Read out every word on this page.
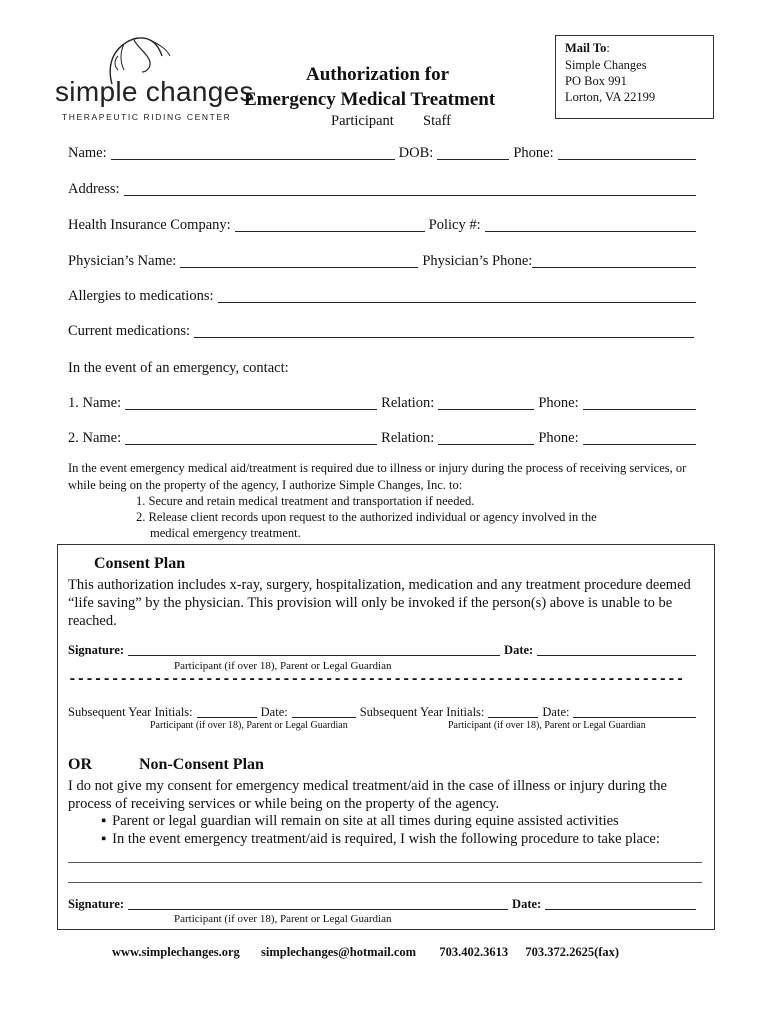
simple changes
THERAPEUTIC RIDING CENTER
Authorization for
Emergency Medical Treatment
Participant Staff
Mail To:
Simple Changes
PO Box 991
Lorton, VA 22199
Name:	DOB:	Phone:
Address:
Health Insurance Company:	Policy #:
Physician’s Name:	Physician’s Phone:
Allergies to medications:
Current medications:
In the event of an emergency, contact:
1. Name:	Relation:	Phone:
2. Name:	Relation:	Phone:
In the event emergency medical aid/treatment is required due to illness or injury during the process of receiving services, or while being on the property of the agency, I authorize Simple Changes, Inc. to:
1. Secure and retain medical treatment and transportation if needed.
2. Release client records upon request to the authorized individual or agency involved in the
medical emergency treatment.
Consent Plan
This authorization includes x-ray, surgery, hospitalization, medication and any treatment procedure deemed “life saving” by the physician. This provision will only be invoked if the person(s) above is unable to be reached.
Signature:	Date:
Participant (if over 18), Parent or Legal Guardian
------------------------------------------------------------------------
Subsequent Year Initials:	Date:	Subsequent Year Initials:	Date:
Participant (if over 18), Parent or Legal Guardian	Participant (if over 18), Parent or Legal Guardian
OR	Non-Consent Plan
I do not give my consent for emergency medical treatment/aid in the case of illness or injury during the process of receiving services or while being on the property of the agency.
▪ Parent or legal guardian will remain on site at all times during equine assisted activities
▪ In the event emergency treatment/aid is required, I wish the following procedure to take place:
Signature:	Date:
Participant (if over 18), Parent or Legal Guardian
www.simplechanges.org simplechanges@hotmail.com 703.402.3613 703.372.2625(fax)
